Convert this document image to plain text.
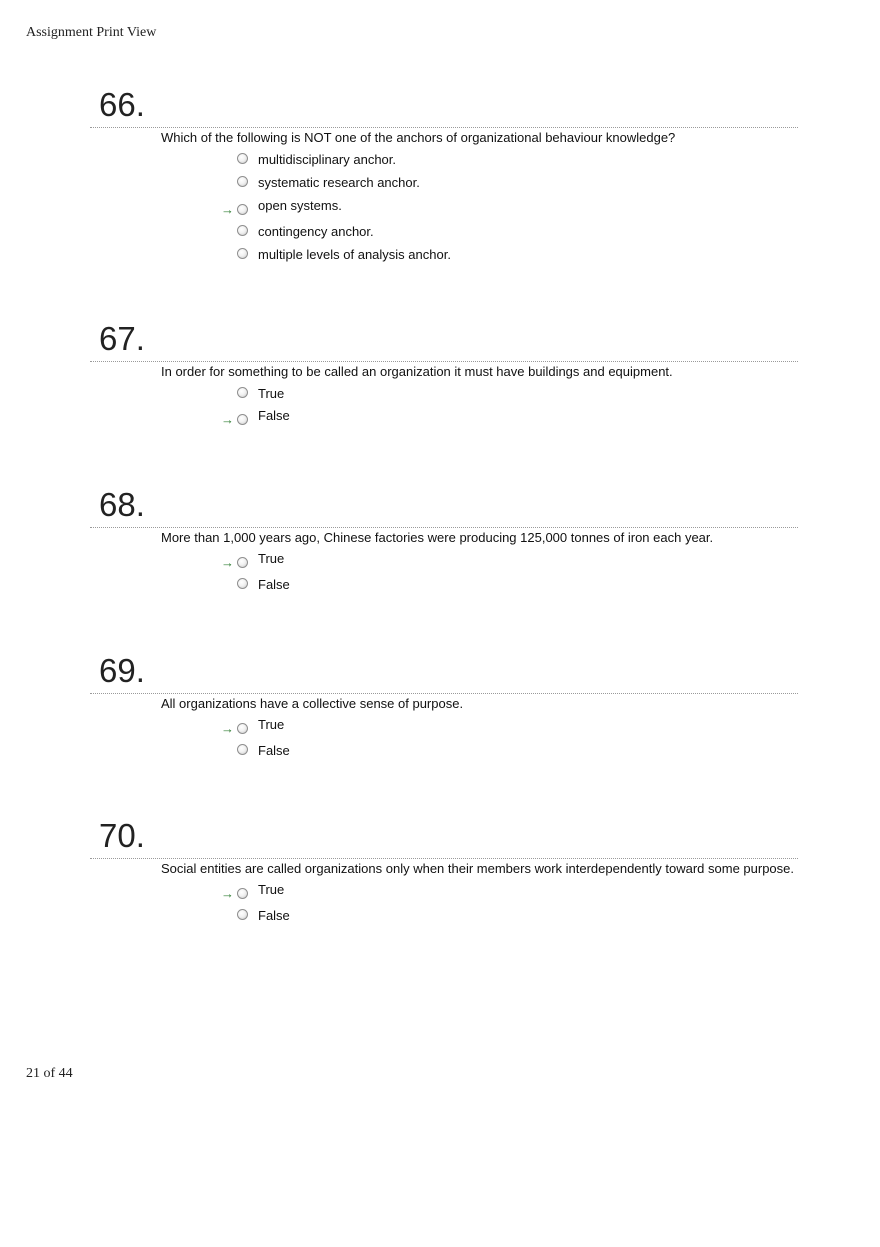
Assignment Print View
66.
Which of the following is NOT one of the anchors of organizational behaviour knowledge?
multidisciplinary anchor.
systematic research anchor.
→ open systems.
contingency anchor.
multiple levels of analysis anchor.
67.
In order for something to be called an organization it must have buildings and equipment.
True
→ False
68.
More than 1,000 years ago, Chinese factories were producing 125,000 tonnes of iron each year.
→ True
False
69.
All organizations have a collective sense of purpose.
→ True
False
70.
Social entities are called organizations only when their members work interdependently toward some purpose.
→ True
False
21 of 44
